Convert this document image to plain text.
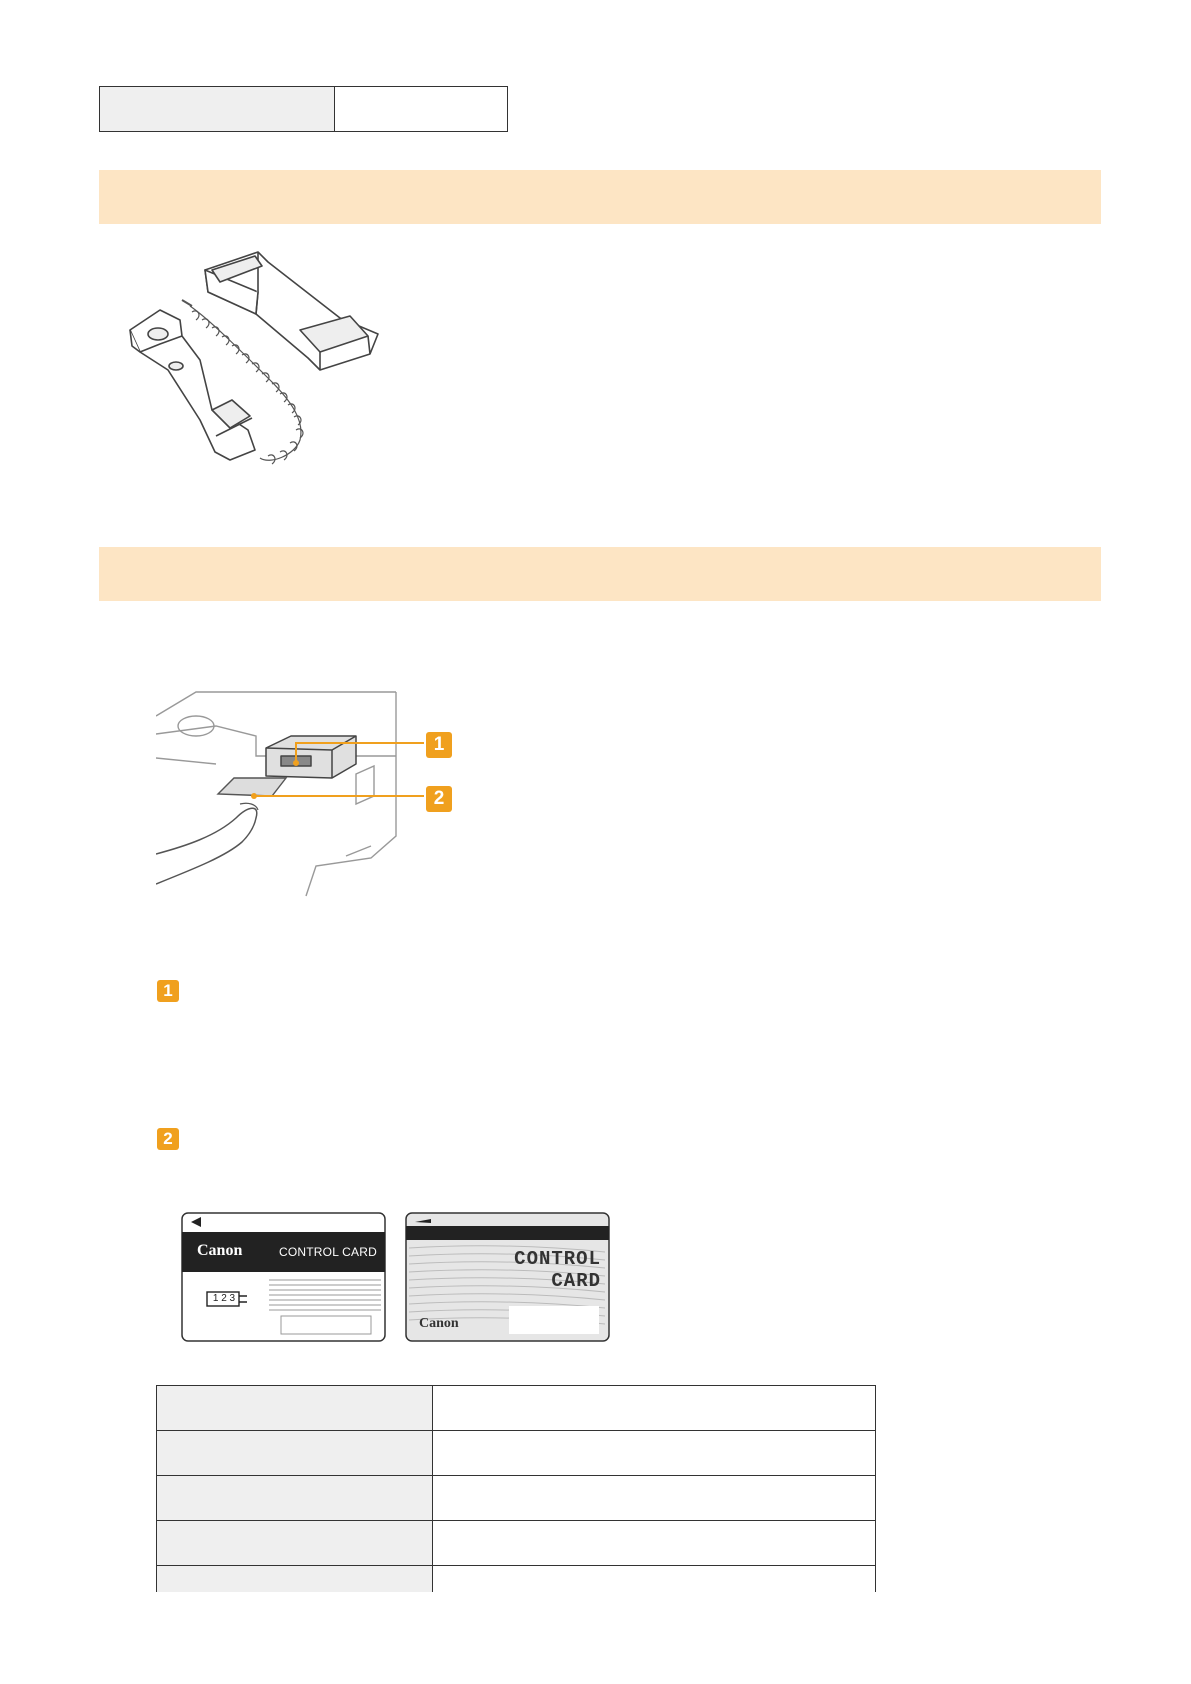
1
2
1
2
Canon	CONTROL CARD
1 2 3
CONTROL
CARD
Canon
